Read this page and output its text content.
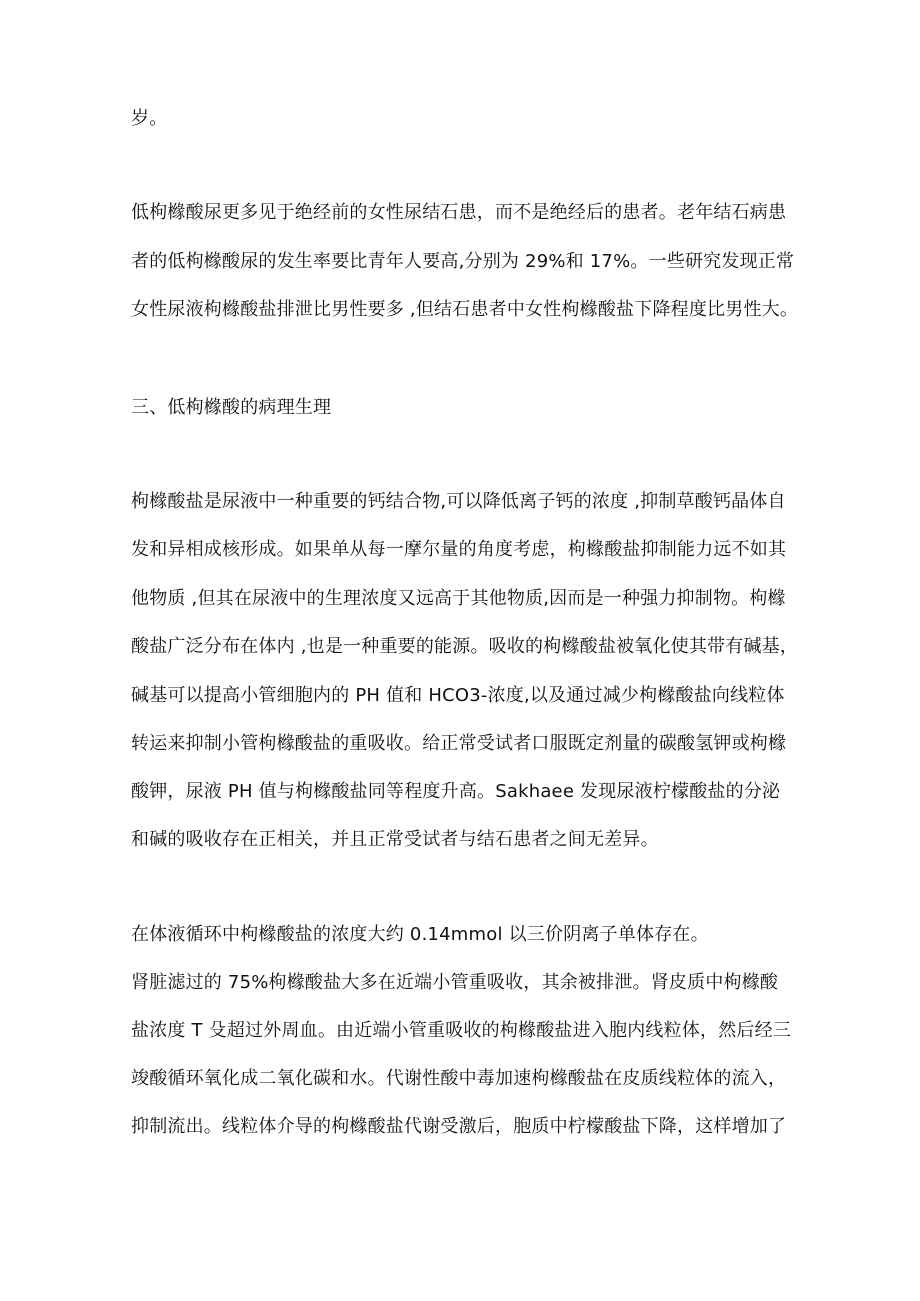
岁。
低枸橼酸尿更多见于绝经前的女性尿结石患，而不是绝经后的患者。老年结石病患
者的低枸橼酸尿的发生率要比青年人要高,分别为 29%和 17%。一些研究发现正常
女性尿液枸橼酸盐排泄比男性要多 ,但结石患者中女性枸橼酸盐下降程度比男性大。
三、低枸橼酸的病理生理
枸橼酸盐是尿液中一种重要的钙结合物,可以降低离子钙的浓度 ,抑制草酸钙晶体自
发和异相成核形成。如果单从每一摩尔量的角度考虑，枸橼酸盐抑制能力远不如其
他物质 ,但其在尿液中的生理浓度又远高于其他物质,因而是一种强力抑制物。枸橼
酸盐广泛分布在体内 ,也是一种重要的能源。吸收的枸橼酸盐被氧化使其带有碱基，
碱基可以提高小管细胞内的 PH 值和 HCO3-浓度,以及通过减少枸橼酸盐向线粒体
转运来抑制小管枸橼酸盐的重吸收。给正常受试者口服既定剂量的碳酸氢钾或枸橼
酸钾，尿液 PH 值与枸橼酸盐同等程度升高。Sakhaee 发现尿液柠檬酸盐的分泌
和碱的吸收存在正相关，并且正常受试者与结石患者之间无差异。
在体液循环中枸橼酸盐的浓度大约 0.14mmol 以三价阴离子单体存在。
肾脏滤过的 75%枸橼酸盐大多在近端小管重吸收，其余被排泄。肾皮质中枸橼酸
盐浓度 T 殳超过外周血。由近端小管重吸收的枸橼酸盐进入胞内线粒体，然后经三
竣酸循环氧化成二氧化碳和水。代谢性酸中毒加速枸橼酸盐在皮质线粒体的流入，
抑制流出。线粒体介导的枸橼酸盐代谢受激后，胞质中柠檬酸盐下降，这样增加了
